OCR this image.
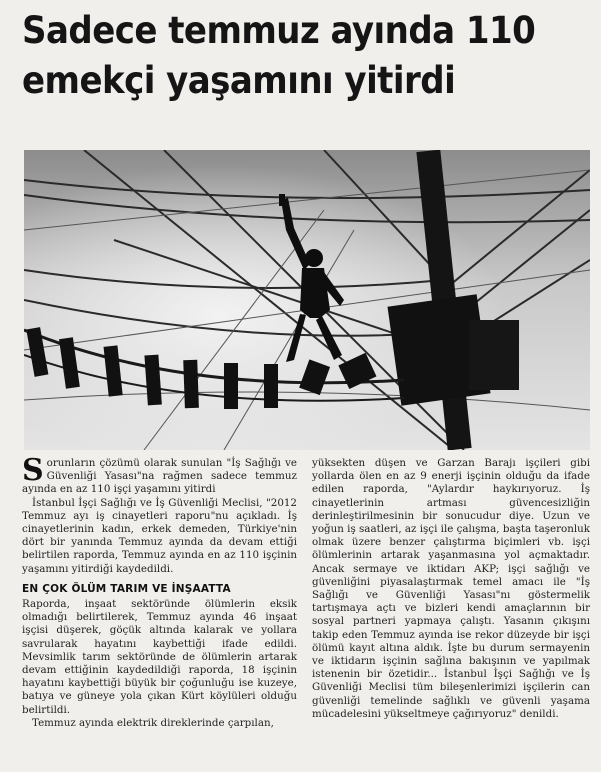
Sadece temmuz ayında 110
emekçi yaşamını yitirdi

Sorunların çözümü olarak sunulan "İş Sağlığı ve Güvenliği Yasası"na rağmen sadece temmuz ayında en az 110 işçi yaşamını yitirdi

İstanbul İşçi Sağlığı ve İş Güvenliği Meclisi, "2012 Temmuz ayı iş cinayetleri raporu"nu açıkladı. İş cinayetlerinin kadın, erkek demeden, Türkiye'nin dört bir yanında Temmuz ayında da devam ettiği belirtilen raporda, Temmuz ayında en az 110 işçinin yaşamını yitirdiği kaydedildi.

EN ÇOK ÖLÜM TARIM VE İNŞAATTA

Raporda, inşaat sektöründe ölümlerin eksik olmadığı belirtilerek, Temmuz ayında 46 inşaat işçisi düşerek, göçük altında kalarak ve yollara savrularak hayatını kaybettiği ifade edildi. Mevsimlik tarım sektöründe de ölümlerin artarak devam ettiğinin kaydedildiği raporda, 18 işçinin hayatını kaybettiği büyük bir çoğunluğu ise kuzeye, batıya ve güneye yola çıkan Kürt köylüleri olduğu belirtildi.

Temmuz ayında elektrik direklerinde çarpılan,

yüksekten düşen ve Garzan Barajı işçileri gibi yollarda ölen en az 9 enerji işçinin olduğu da ifade edilen raporda, "Aylardır haykırıyoruz. İş cinayetlerinin artması güvencesizliğin derinleştirilmesinin bir sonucudur diye. Uzun ve yoğun iş saatleri, az işçi ile çalışma, başta taşeronluk olmak üzere benzer çalıştırma biçimleri vb. işçi ölümlerinin artarak yaşanmasına yol açmaktadır. Ancak sermaye ve iktidarı AKP; işçi sağlığı ve güvenliğini piyasalaştırmak temel amacı ile "İş Sağlığı ve Güvenliği Yasası"nı göstermelik tartışmaya açtı ve bizleri kendi amaçlarının bir sosyal partneri yapmaya çalıştı. Yasanın çıkışını takip eden Temmuz ayında ise rekor düzeyde bir işçi ölümü kayıt altına aldık. İşte bu durum sermayenin ve iktidarın işçinin sağlına bakışının ve yapılmak istenenin bir özetidir... İstanbul İşçi Sağlığı ve İş Güvenliği Meclisi tüm bileşenlerimizi işçilerin can güvenliği temelinde sağlıklı ve güvenli yaşama mücadelesini yükseltmeye çağırıyoruz" denildi.
